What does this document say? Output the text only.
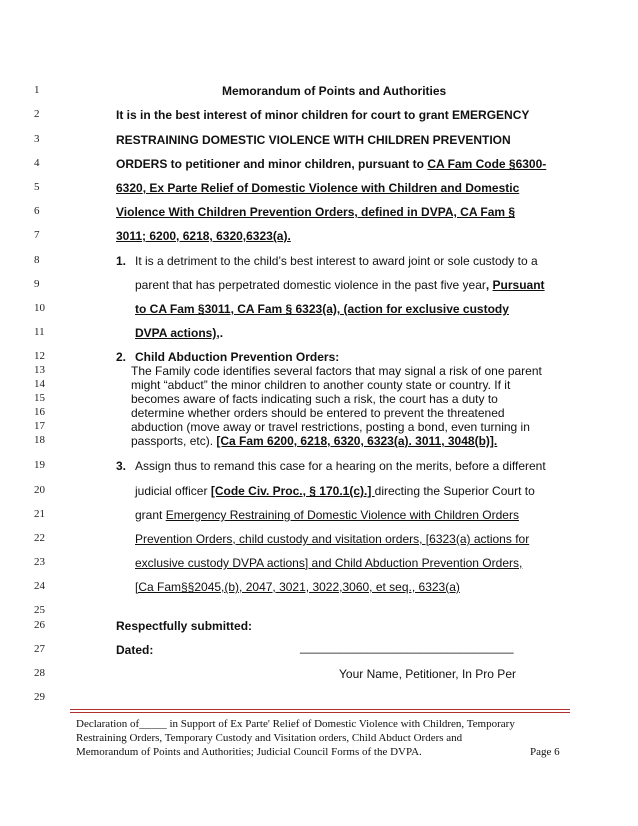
1
2
3
4
5
6
7
8
9
10
11
12
13
14
15
16
17
18
19
20
21
22
23
24
25
26
27
28
29
Memorandum of Points and Authorities
It is in the best interest of minor children for court to grant EMERGENCY
RESTRAINING DOMESTIC VIOLENCE WITH CHILDREN PREVENTION
ORDERS to petitioner and minor children, pursuant to CA Fam Code §6300-
6320, Ex Parte Relief of Domestic Violence with Children and Domestic
Violence With Children Prevention Orders, defined in DVPA, CA Fam §
3011; 6200, 6218, 6320,6323(a).
1. It is a detriment to the child’s best interest to award joint or sole custody to a
parent that has perpetrated domestic violence in the past five year, Pursuant
to CA Fam §3011, CA Fam § 6323(a), (action for exclusive custody
DVPA actions),.
2. Child Abduction Prevention Orders:
The Family code identifies several factors that may signal a risk of one parent
might “abduct” the minor children to another county state or country. If it
becomes aware of facts indicating such a risk, the court has a duty to
determine whether orders should be entered to prevent the threatened
abduction (move away or travel restrictions, posting a bond, even turning in
passports, etc). [Ca Fam 6200, 6218, 6320, 6323(a). 3011, 3048(b)].
3. Assign thus to remand this case for a hearing on the merits, before a different
judicial officer [Code Civ. Proc., § 170.1(c).] directing the Superior Court to
grant Emergency Restraining of Domestic Violence with Children Orders
Prevention Orders, child custody and visitation orders, [6323(a) actions for
exclusive custody DVPA actions] and Child Abduction Prevention Orders,
[Ca Fam§§2045,(b), 2047, 3021, 3022,3060, et seq., 6323(a)
Respectfully submitted:
Dated:	________________________________
Your Name, Petitioner, In Pro Per
Declaration of_____ in Support of Ex Parte' Relief of Domestic Violence with Children, Temporary
Restraining Orders, Temporary Custody and Visitation orders, Child Abduct Orders and
Memorandum of Points and Authorities; Judicial Council Forms of the DVPA.	Page 6
